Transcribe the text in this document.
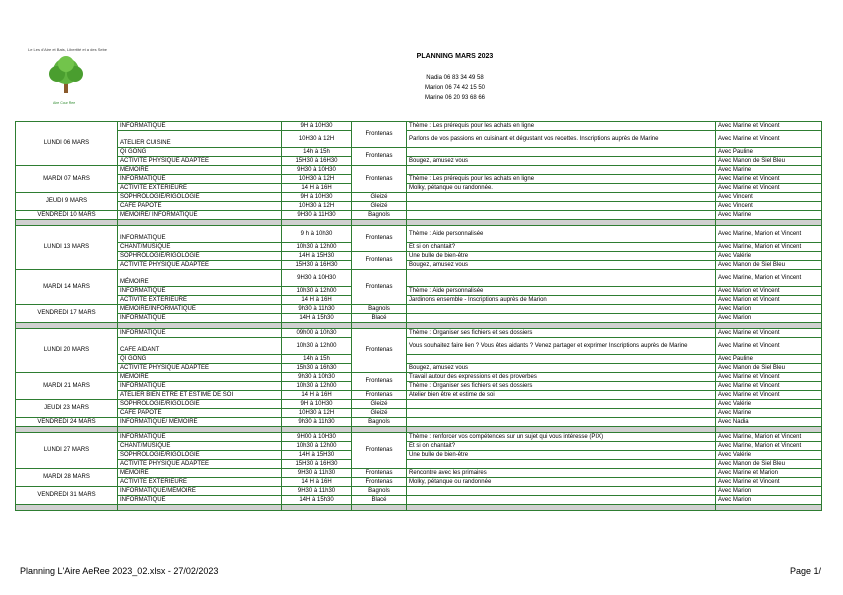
Le Les d'Aire et Bats, Libertité et a des Sebe
Aire Cour Ree
PLANNING MARS 2023
Nadia 06 83 34 49 58
Marion 06 74 42 15 50
Marine 06 20 93 68 66
LUNDI 06 MARS	INFORMATIQUE	9H à 10H30	Frontenas	Thème : Les prérequis pour les achats en ligne	Avec Marine et Vincent
	ATELIER CUISINE	10H30 à 12H		Parlons de vos passions en cuisinant et dégustant vos recettes. Inscriptions auprès de Marine	Avec Marine et Vincent
	QI GONG	14h à 15h	Frontenas		Avec Pauline
	ACTIVITE PHYSIQUE ADAPTEE	15H30 à 16H30		Bougez, amusez vous	Avec Manon de Siel Bleu
MARDI 07 MARS	MÉMOIRE	9H30 à 10H30	Frontenas		Avec Marine
	INFORMATIQUE	10H30 à 12H		Thème : Les prérequis pour les achats en ligne	Avec Marine et Vincent
	ACTIVITE EXTERIEURE	14 H à 16H		Molky, pétanque ou randonnée.	Avec Marine et Vincent
JEUDI 9 MARS	SOPHROLOGIE/RIGOLOGIE	9H à 10H30	Gleizé		Avec Vincent
	CAFE PAPOTE	10H30 à 12H	Gleizé		Avec Vincent
VENDREDI 10 MARS	MÉMOIRE/ INFORMATIQUE	9H30 à 11H30	Bagnols		Avec Marine

LUNDI 13 MARS	INFORMATIQUE	9 h à 10h30	Frontenas	Thème : Aide personnalisée	Avec Marine, Marion et Vincent
	CHANT/MUSIQUE	10h30 à 12h00		Et si on chantait?	Avec Marine, Marion et Vincent
	SOPHROLOGIE/RIGOLOGIE	14H à 15H30	Frontenas	Une bulle de bien-être	Avec Valérie
	ACTIVITE PHYSIQUE ADAPTEE	15H30 à 16H30		Bougez, amusez vous	Avec Manon de Siel Bleu
MARDI 14 MARS	MÉMOIRE	9H30 à 10H30	Frontenas		Avec Marine, Marion et Vincent
	INFORMATIQUE	10h30 à 12h00		Thème : Aide personnalisée	Avec Marion et Vincent
	ACTIVITE EXTERIEURE	14 H à 16H		Jardinons ensemble - Inscriptions auprès de Marion	Avec Marion et Vincent
VENDREDI 17 MARS	MÉMOIRE/INFORMATIQUE	9h30 à 11h30	Bagnols		Avec Marion
	INFORMATIQUE	14H à 15h30	Blacé		Avec Marion

LUNDI 20 MARS	INFORMATIQUE	09h00 à 10h30	Frontenas	Thème : Organiser ses fichiers et ses dossiers	Avec Marine et Vincent
	CAFE AIDANT	10h30 à 12h00		Vous souhaitez faire lien ? Vous êtes aidants ? Venez partager et exprimer Inscriptions auprès de Marine	Avec Marine et Vincent
	QI GONG	14h à 15h			Avec Pauline
	ACTIVITE PHYSIQUE ADAPTEE	15h30 à 16h30		Bougez, amusez vous	Avec Manon de Siel Bleu
MARDI 21 MARS	MÉMOIRE	9h30 à 10h30	Frontenas	Travail autour des expressions et des proverbes	Avec Marine et Vincent
	INFORMATIQUE	10h30 à 12h00		Thème : Organiser ses fichiers et ses dossiers	Avec Marine et Vincent
	ATELIER BIEN ETRE ET ESTIME DE SOI	14 H à 16H	Frontenas	Atelier bien être et estime de soi	Avec Marine et Vincent
JEUDI 23 MARS	SOPHROLOGIE/RIGOLOGIE	9H à 10H30	Gleizé		Avec Valérie
	CAFE PAPOTE	10H30 à 12H	Gleizé		Avec Marine
VENDREDI 24 MARS	INFORMATIQUE/ MÉMOIRE	9h30 à 11h30	Bagnols		Avec Nadia

LUNDI 27 MARS	INFORMATIQUE	9H00 à 10H30	Frontenas	Thème : renforcer vos compétences sur un sujet qui vous intéresse (PIX)	Avec Marine, Marion et Vincent
	CHANT/MUSIQUE	10h30 à 12h00		Et si on chantait?	Avec Marine, Marion et Vincent
	SOPHROLOGIE/RIGOLOGIE	14H à 15H30		Une bulle de bien-être	Avec Valérie
	ACTIVITE PHYSIQUE ADAPTEE	15H30 à 16H30			Avec Manon de Siel Bleu
MARDI 28 MARS	MÉMOIRE	9H30 à 11h30	Frontenas	Rencontre avec les primaires	Avec Marine et Marion
	ACTIVITE EXTERIEURE	14 H à 16H	Frontenas	Molky, pétanque ou randonnée	Avec Marine et Vincent
VENDREDI 31 MARS	INFORMATIQUE/MÉMOIRE	9H30 à 11h30	Bagnols		Avec Marion
	INFORMATIQUE	14H à 15h30	Blacé		Avec Marion

Planning L'Aire AeRee 2023_02.xlsx - 27/02/2023	Page 1/
